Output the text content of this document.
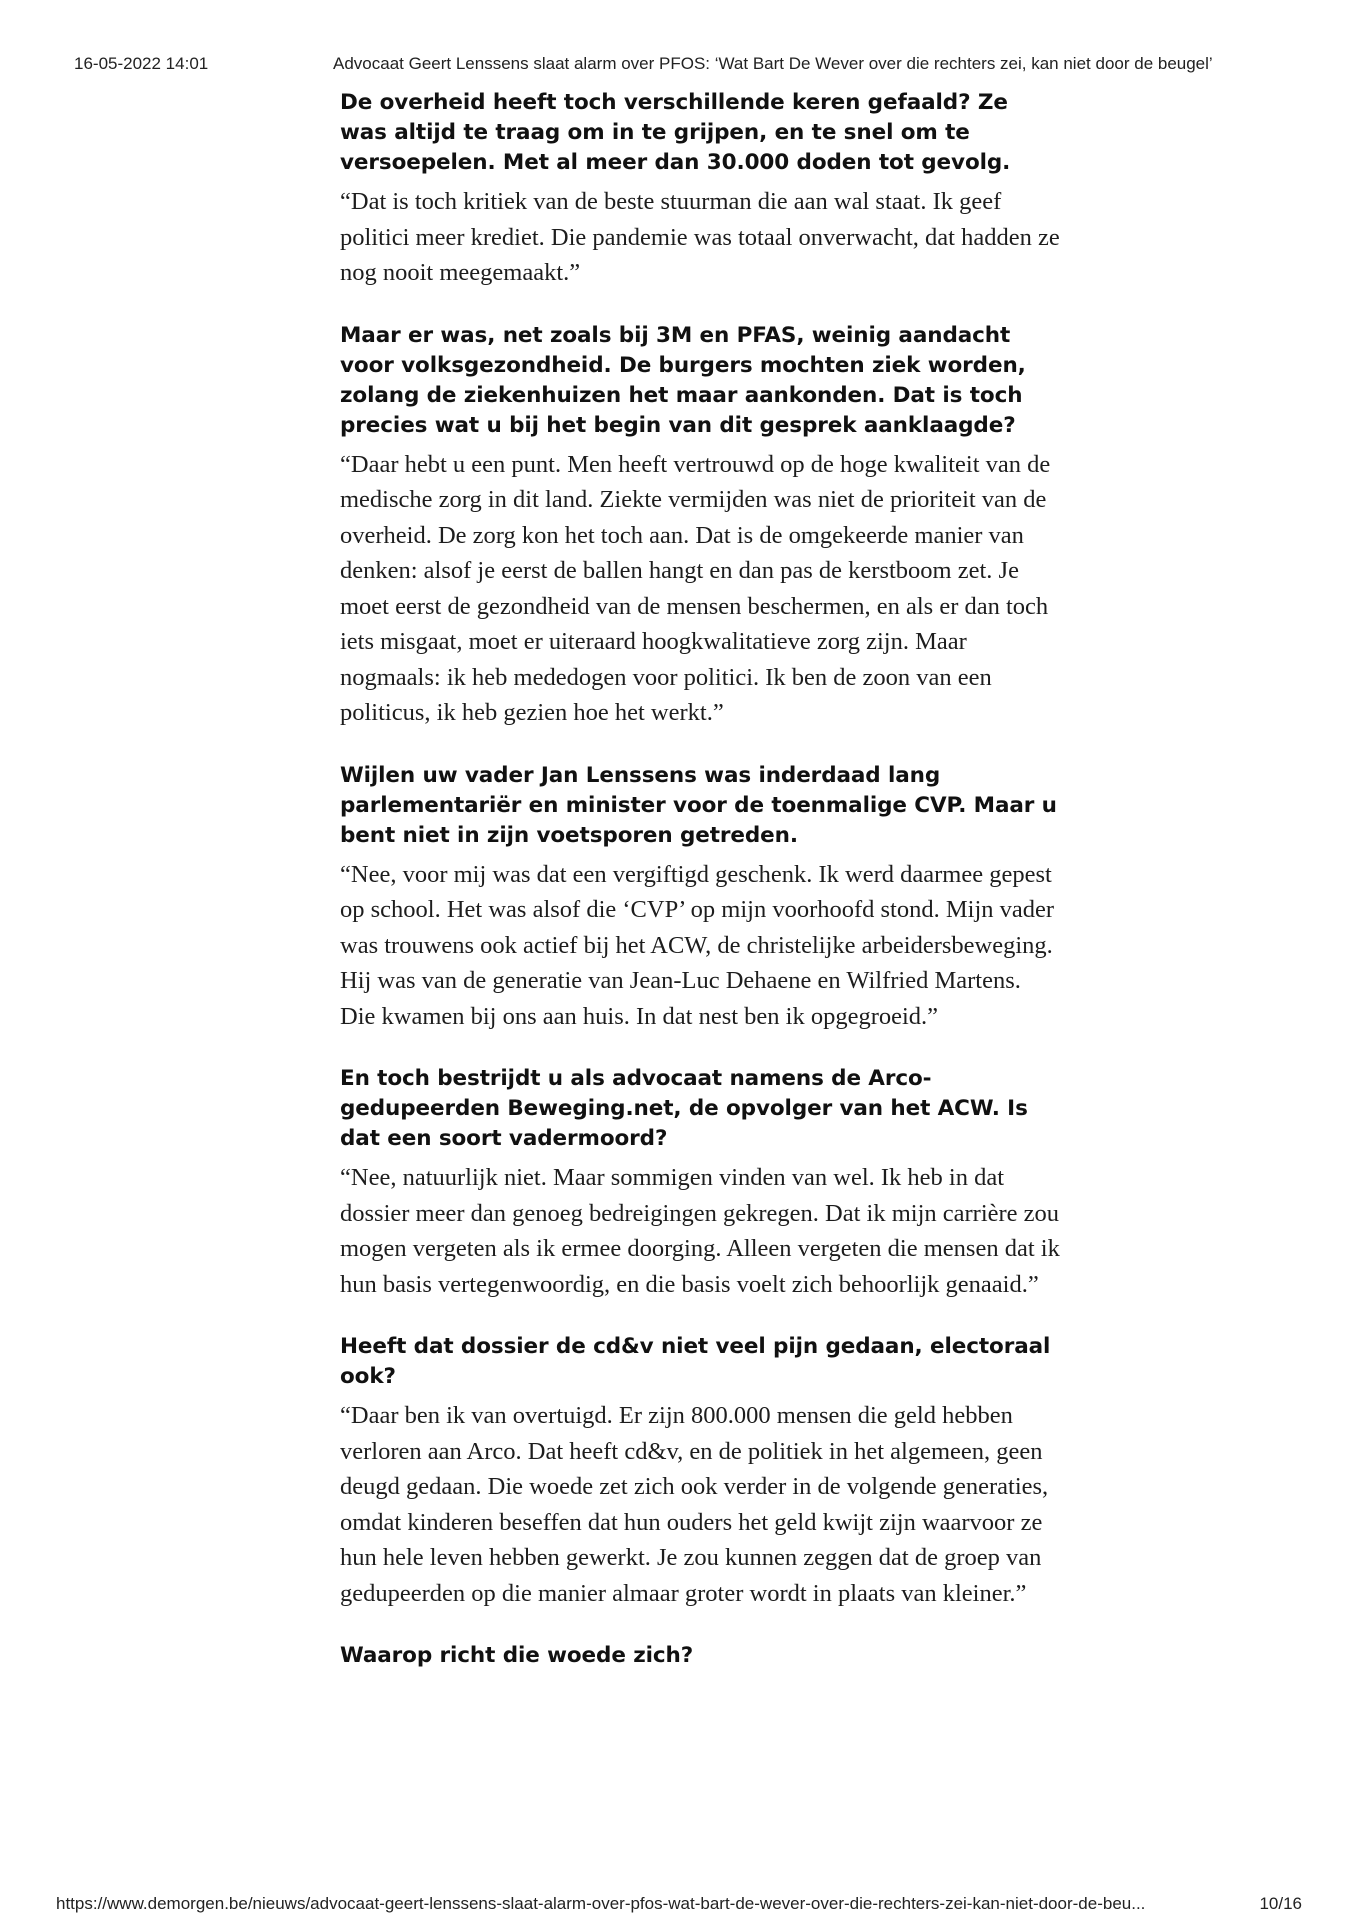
16-05-2022 14:01	Advocaat Geert Lenssens slaat alarm over PFOS: ‘Wat Bart De Wever over die rechters zei, kan niet door de beugel’

De overheid heeft toch verschillende keren gefaald? Ze was altijd te traag om in te grijpen, en te snel om te versoepelen. Met al meer dan 30.000 doden tot gevolg.

“Dat is toch kritiek van de beste stuurman die aan wal staat. Ik geef politici meer krediet. Die pandemie was totaal onverwacht, dat hadden ze nog nooit meegemaakt.”

Maar er was, net zoals bij 3M en PFAS, weinig aandacht voor volksgezondheid. De burgers mochten ziek worden, zolang de ziekenhuizen het maar aankonden. Dat is toch precies wat u bij het begin van dit gesprek aanklaagde?

“Daar hebt u een punt. Men heeft vertrouwd op de hoge kwaliteit van de medische zorg in dit land. Ziekte vermijden was niet de prioriteit van de overheid. De zorg kon het toch aan. Dat is de omgekeerde manier van denken: alsof je eerst de ballen hangt en dan pas de kerstboom zet. Je moet eerst de gezondheid van de mensen beschermen, en als er dan toch iets misgaat, moet er uiteraard hoogkwalitatieve zorg zijn. Maar nogmaals: ik heb mededogen voor politici. Ik ben de zoon van een politicus, ik heb gezien hoe het werkt.”

Wijlen uw vader Jan Lenssens was inderdaad lang parlementariër en minister voor de toenmalige CVP. Maar u bent niet in zijn voetsporen getreden.

“Nee, voor mij was dat een vergiftigd geschenk. Ik werd daarmee gepest op school. Het was alsof die ‘CVP’ op mijn voorhoofd stond. Mijn vader was trouwens ook actief bij het ACW, de christelijke arbeidersbeweging. Hij was van de generatie van Jean-Luc Dehaene en Wilfried Martens. Die kwamen bij ons aan huis. In dat nest ben ik opgegroeid.”

En toch bestrijdt u als advocaat namens de Arco-gedupeerden Beweging.net, de opvolger van het ACW. Is dat een soort vadermoord?

“Nee, natuurlijk niet. Maar sommigen vinden van wel. Ik heb in dat dossier meer dan genoeg bedreigingen gekregen. Dat ik mijn carrière zou mogen vergeten als ik ermee doorging. Alleen vergeten die mensen dat ik hun basis vertegenwoordig, en die basis voelt zich behoorlijk genaaid.”

Heeft dat dossier de cd&v niet veel pijn gedaan, electoraal ook?

“Daar ben ik van overtuigd. Er zijn 800.000 mensen die geld hebben verloren aan Arco. Dat heeft cd&v, en de politiek in het algemeen, geen deugd gedaan. Die woede zet zich ook verder in de volgende generaties, omdat kinderen beseffen dat hun ouders het geld kwijt zijn waarvoor ze hun hele leven hebben gewerkt. Je zou kunnen zeggen dat de groep van gedupeerden op die manier almaar groter wordt in plaats van kleiner.”

Waarop richt die woede zich?

https://www.demorgen.be/nieuws/advocaat-geert-lenssens-slaat-alarm-over-pfos-wat-bart-de-wever-over-die-rechters-zei-kan-niet-door-de-beu...	10/16
